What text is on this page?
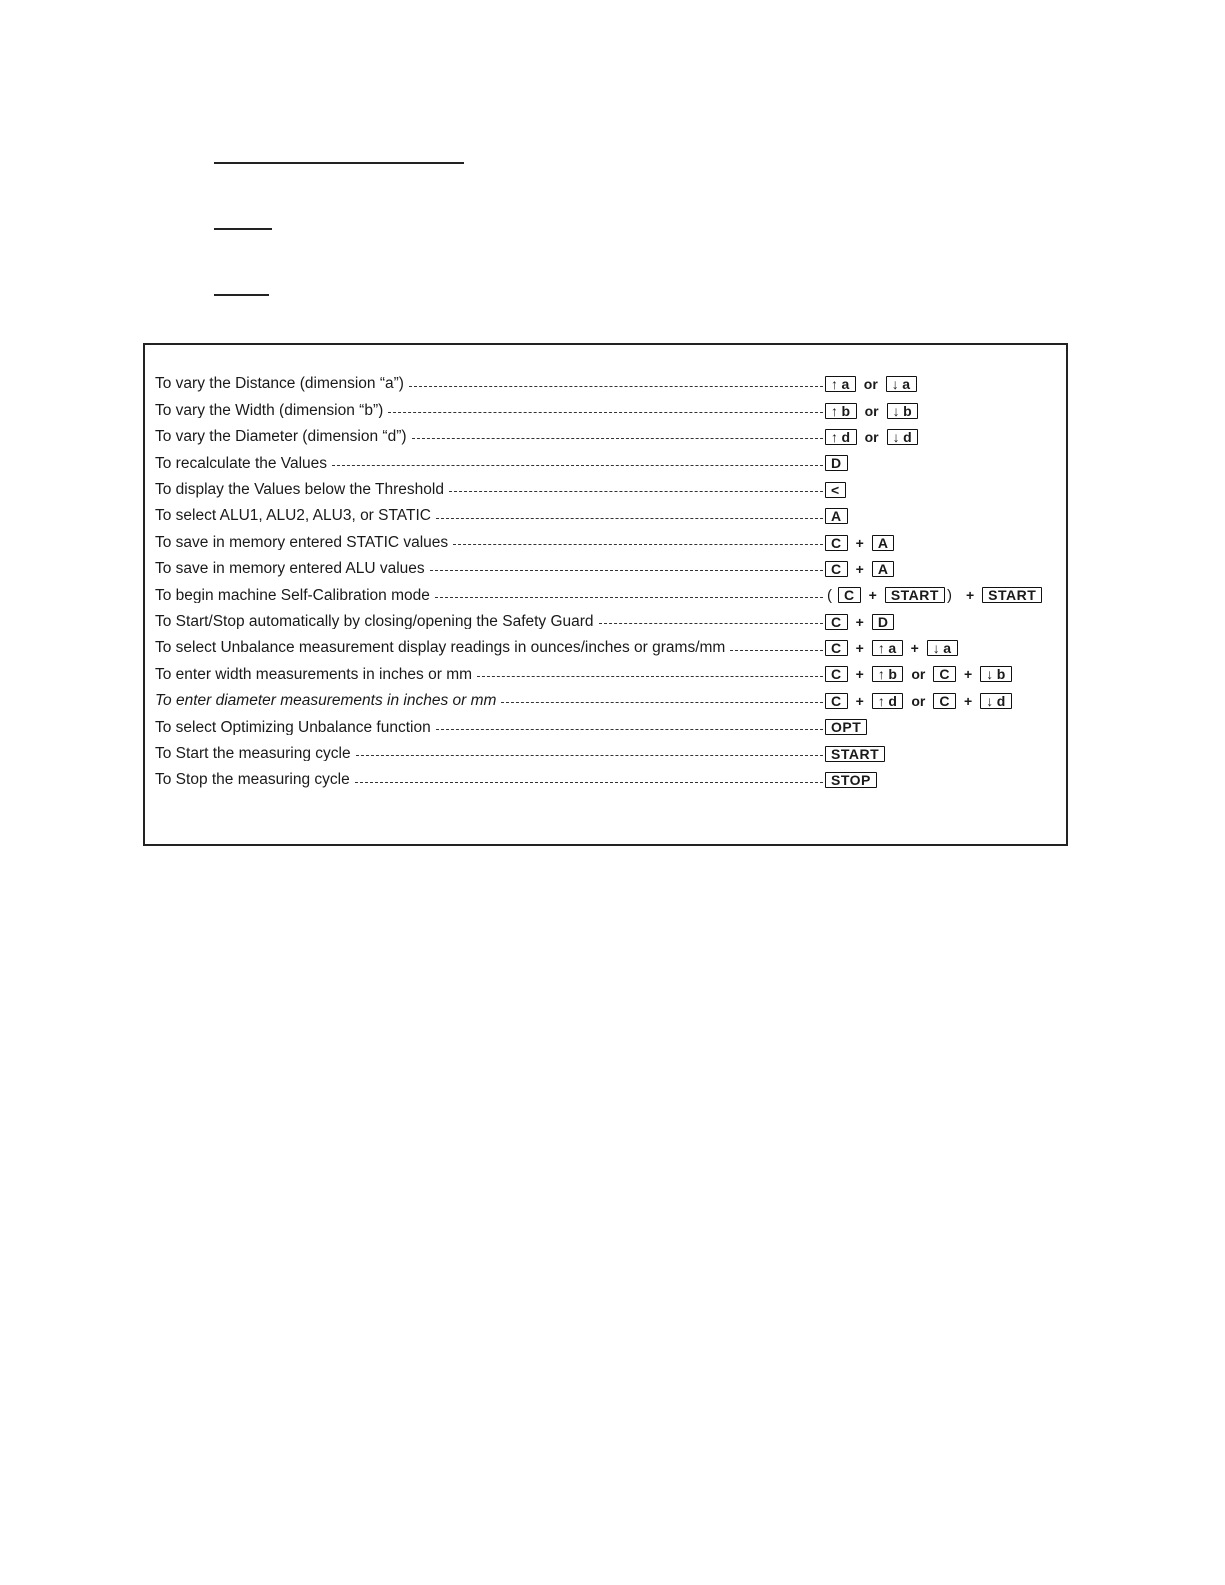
To vary the Distance (dimension “a”)	↑ a or ↓ a
To vary the Width (dimension “b”)	↑ b or ↓ b
To vary the Diameter (dimension “d”)	↑ d or ↓ d
To recalculate the Values	D
To display the Values below the Threshold	<
To select ALU1, ALU2, ALU3, or STATIC	A
To save in memory entered STATIC values	C + A
To save in memory entered ALU values	C + A
To begin machine Self-Calibration mode	( C + START ) + START
To Start/Stop automatically by closing/opening the Safety Guard	C + D
To select Unbalance measurement display readings in ounces/inches or grams/mm	C + ↑ a + ↓ a
To enter width measurements in inches or mm	C + ↑ b or C + ↓ b
To enter diameter measurements in inches or mm	C + ↑ d or C + ↓ d
To select Optimizing Unbalance function	OPT
To Start the measuring cycle	START
To Stop the measuring cycle	STOP
